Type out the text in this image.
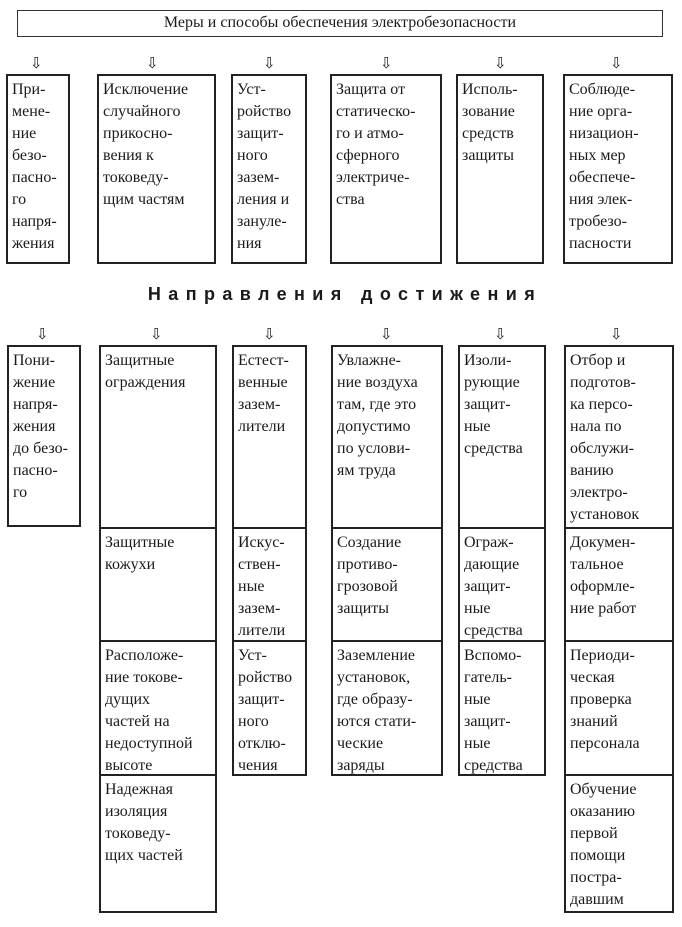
Меры и способы обеспечения электробезопасности
⇩	⇩	⇩	⇩	⇩	⇩
При-
мене-
ние
безо-
пасно-
го
напря-
жения
Исключение
случайного
прикосно-
вения к
токоведу-
щим частям
Уст-
ройство
защит-
ного
зазем-
ления и
зануле-
ния
Защита от
статическо-
го и атмо-
сферного
электриче-
ства
Исполь-
зование
средств
защиты
Соблюде-
ние орга-
низацион-
ных мер
обеспече-
ния элек-
тробезо-
пасности
Направления достижения
⇩	⇩	⇩	⇩	⇩	⇩
Пони-
жение
напря-
жения
до безо-
пасно-
го
Защитные
ограждения
Защитные
кожухи
Расположе-
ние токове-
дущих
частей на
недоступной
высоте
Надежная
изоляция
токоведу-
щих частей
Естест-
венные
зазем-
лители
Искус-
ствен-
ные
зазем-
лители
Уст-
ройство
защит-
ного
отклю-
чения
Увлажне-
ние воздуха
там, где это
допустимо
по услови-
ям труда
Создание
противо-
грозовой
защиты
Заземление
установок,
где образу-
ются стати-
ческие
заряды
Изоли-
рующие
защит-
ные
средства
Ограж-
дающие
защит-
ные
средства
Вспомо-
гатель-
ные
защит-
ные
средства
Отбор и
подготов-
ка персо-
нала по
обслужи-
ванию
электро-
установок
Докумен-
тальное
оформле-
ние работ
Периоди-
ческая
проверка
знаний
персонала
Обучение
оказанию
первой
помощи
постра-
давшим
